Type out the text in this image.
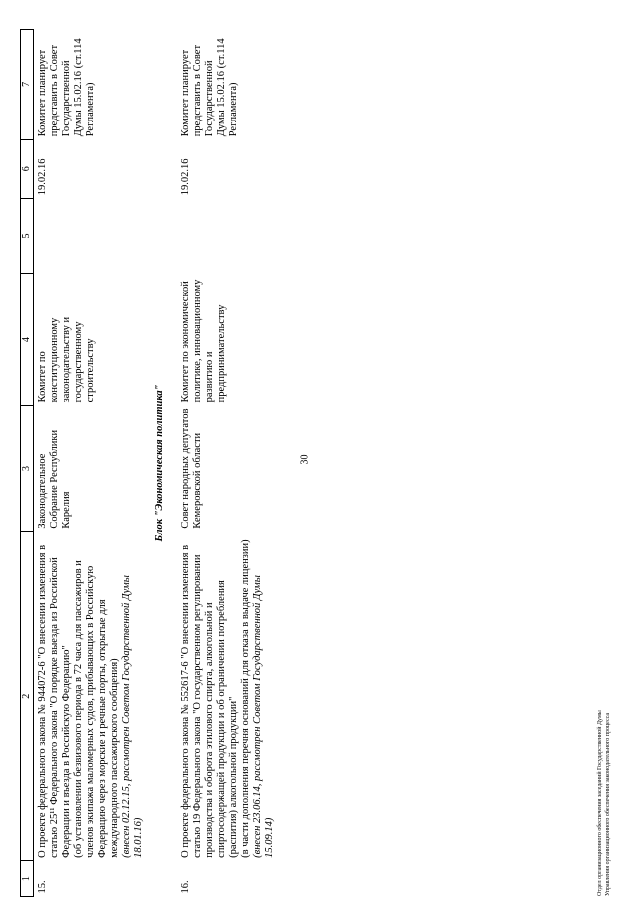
30
1	2	3	4	5	6	7
15.	О проекте федерального закона № 944072-6 "О внесении изменения в статью 25¹¹ Федерального закона "О порядке выезда из Российской Федерации и въезда в Российскую Федерацию" (об установлении безвизового периода в 72 часа для пассажиров и членов экипажа маломерных судов, прибывающих в Российскую Федерацию через морские и речные порты, открытые для международного пассажирского сообщения) (внесен 02.12.15, рассмотрен Советом Государственной Думы 18.01.16)	Законодательное Собрание Республики Карелия	Комитет по конституционному законодательству и государственному строительству		19.02.16	Комитет планирует представить в Совет Государственной Думы 15.02.16 (ст.114 Регламента)
Блок "Экономическая политика"						
16.	О проекте федерального закона № 552617-6 "О внесении изменения в статью 19 Федерального закона "О государственном регулировании производства и оборота этилового спирта, алкогольной и спиртосодержащей продукции и об ограничении потребления (распития) алкогольной продукции" (в части дополнения перечня оснований для отказа в выдаче лицензии) (внесен 23.06.14, рассмотрен Советом Государственной Думы 15.09.14)	Совет народных депутатов Кемеровской области	Комитет по экономической политике, инновационному развитию и предпринимательству		19.02.16	Комитет планирует представить в Совет Государственной Думы 15.02.16 (ст.114 Регламента)
Отдел организационного обеспечения заседаний Государственной Думы Управления организационного обеспечения законодательного процесса
